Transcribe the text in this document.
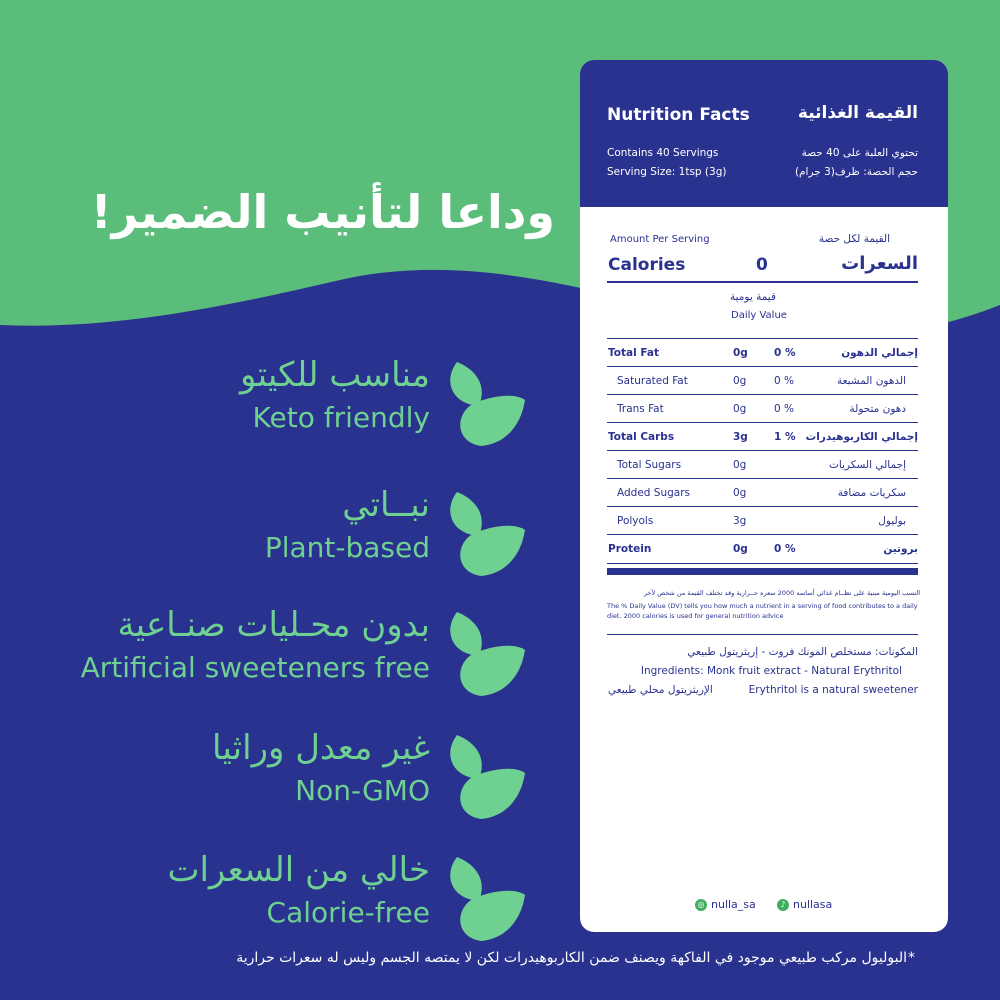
وداعا لتأنيب الضمير!
مناسب للكيتو
Keto friendly
نبــاتي
Plant-based
بدون محـليات صنـاعية
Artificial sweeteners free
غير معدل وراثيا
Non-GMO
خالي من السعرات
Calorie-free
Nutrition Facts	القيمة الغذائية
Contains 40 Servings
Serving Size: 1tsp (3g)
تحتوي العلبة على 40 حصة
حجم الحصة: ظرف(3 جرام)
Amount Per Serving	القيمة لكل حصة
Calories	0	السعرات
قيمة يومية
Daily Value
Total Fat	0g 0 %	إجمالي الدهون
Saturated Fat	0g	0 %	الدهون المشبعة
Trans Fat	0g	0 %	دهون متحولة
Total Carbs	3g 1 % إجمالي الكاربوهيدرات
Total Sugars	0g	إجمالي السكريات
Added Sugars	0g	سكريات مضافة
Polyols	3g	بوليول
Protein	0g 0 %	بروتين
النسب اليومية مبنية على نظــام غذائي أساسه 2000 سعره حــرارية وقد تختلف القيمة من شخص لآخر
The % Daily Value (DV) tells you how much a nutrient in a serving of food contributes to a daily diet. 2000 calories is used for general nutrition advice
المكونات: مستخلص المونك فروت - إريثريتول طبيعي
Ingredients: Monk fruit extract - Natural Erythritol
الإريثريتول محلي طبيعي	Erythritol is a natural sweetener
◎ nulla_sa	♪ nullasa
البوليول مركب طبيعي موجود في الفاكهة ويصنف ضمن الكاربوهيدرات لكن لا يمتصه الجسم وليس له سعرات حرارية *
